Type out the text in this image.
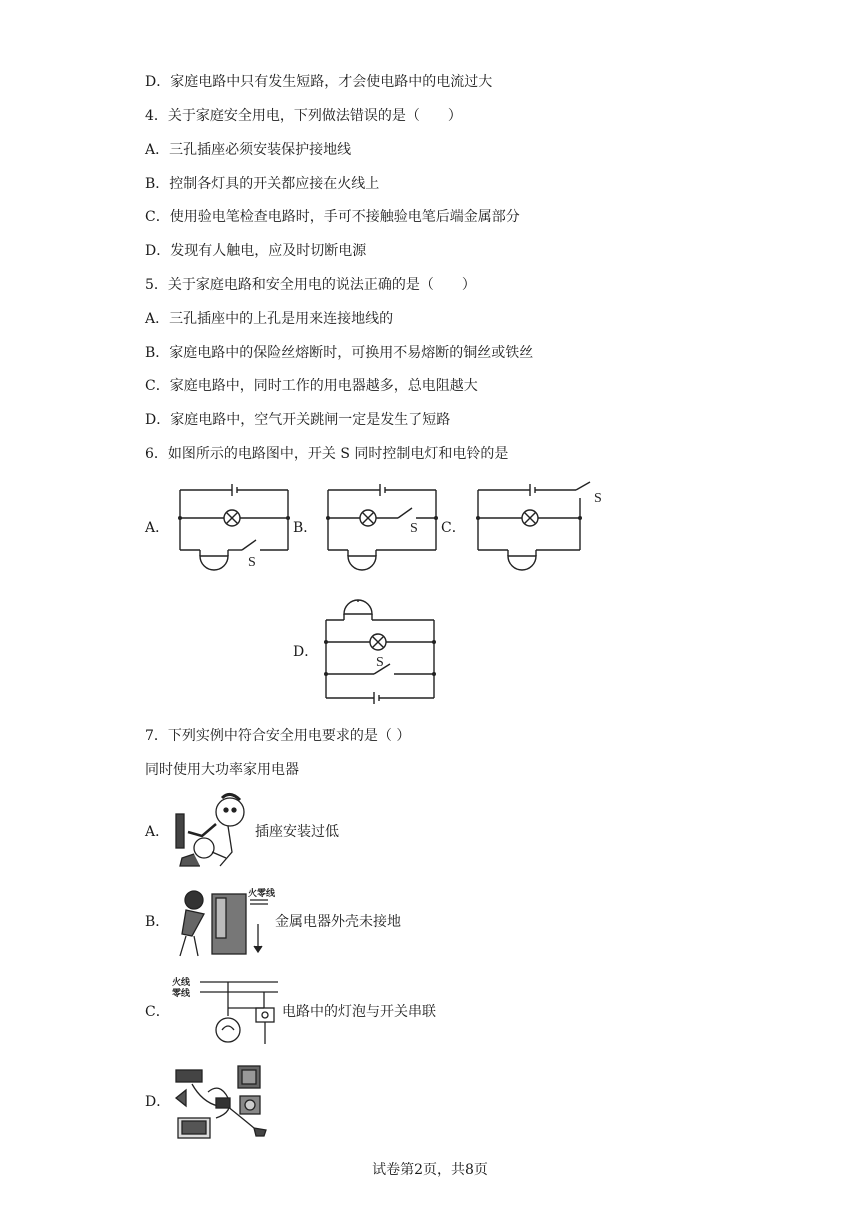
D．家庭电路中只有发生短路，才会使电路中的电流过大
4．关于家庭安全用电，下列做法错误的是（　　）
A．三孔插座必须安装保护接地线
B．控制各灯具的开关都应接在火线上
C．使用验电笔检查电路时，手可不接触验电笔后端金属部分
D．发现有人触电，应及时切断电源
5．关于家庭电路和安全用电的说法正确的是（　　）
A．三孔插座中的上孔是用来连接地线的
B．家庭电路中的保险丝熔断时，可换用不易熔断的铜丝或铁丝
C．家庭电路中，同时工作的用电器越多，总电阻越大
D．家庭电路中，空气开关跳闸一定是发生了短路
6．如图所示的电路图中，开关 S 同时控制电灯和电铃的是
A．	B．	C．
D．
S
S
S
S
7．下列实例中符合安全用电要求的是（ ）
同时使用大功率家用电器
A．	插座安装过低
B．
火零线
金属电器外壳未接地
C．
火线
零线
电路中的灯泡与开关串联
D．
试卷第2页，共8页
